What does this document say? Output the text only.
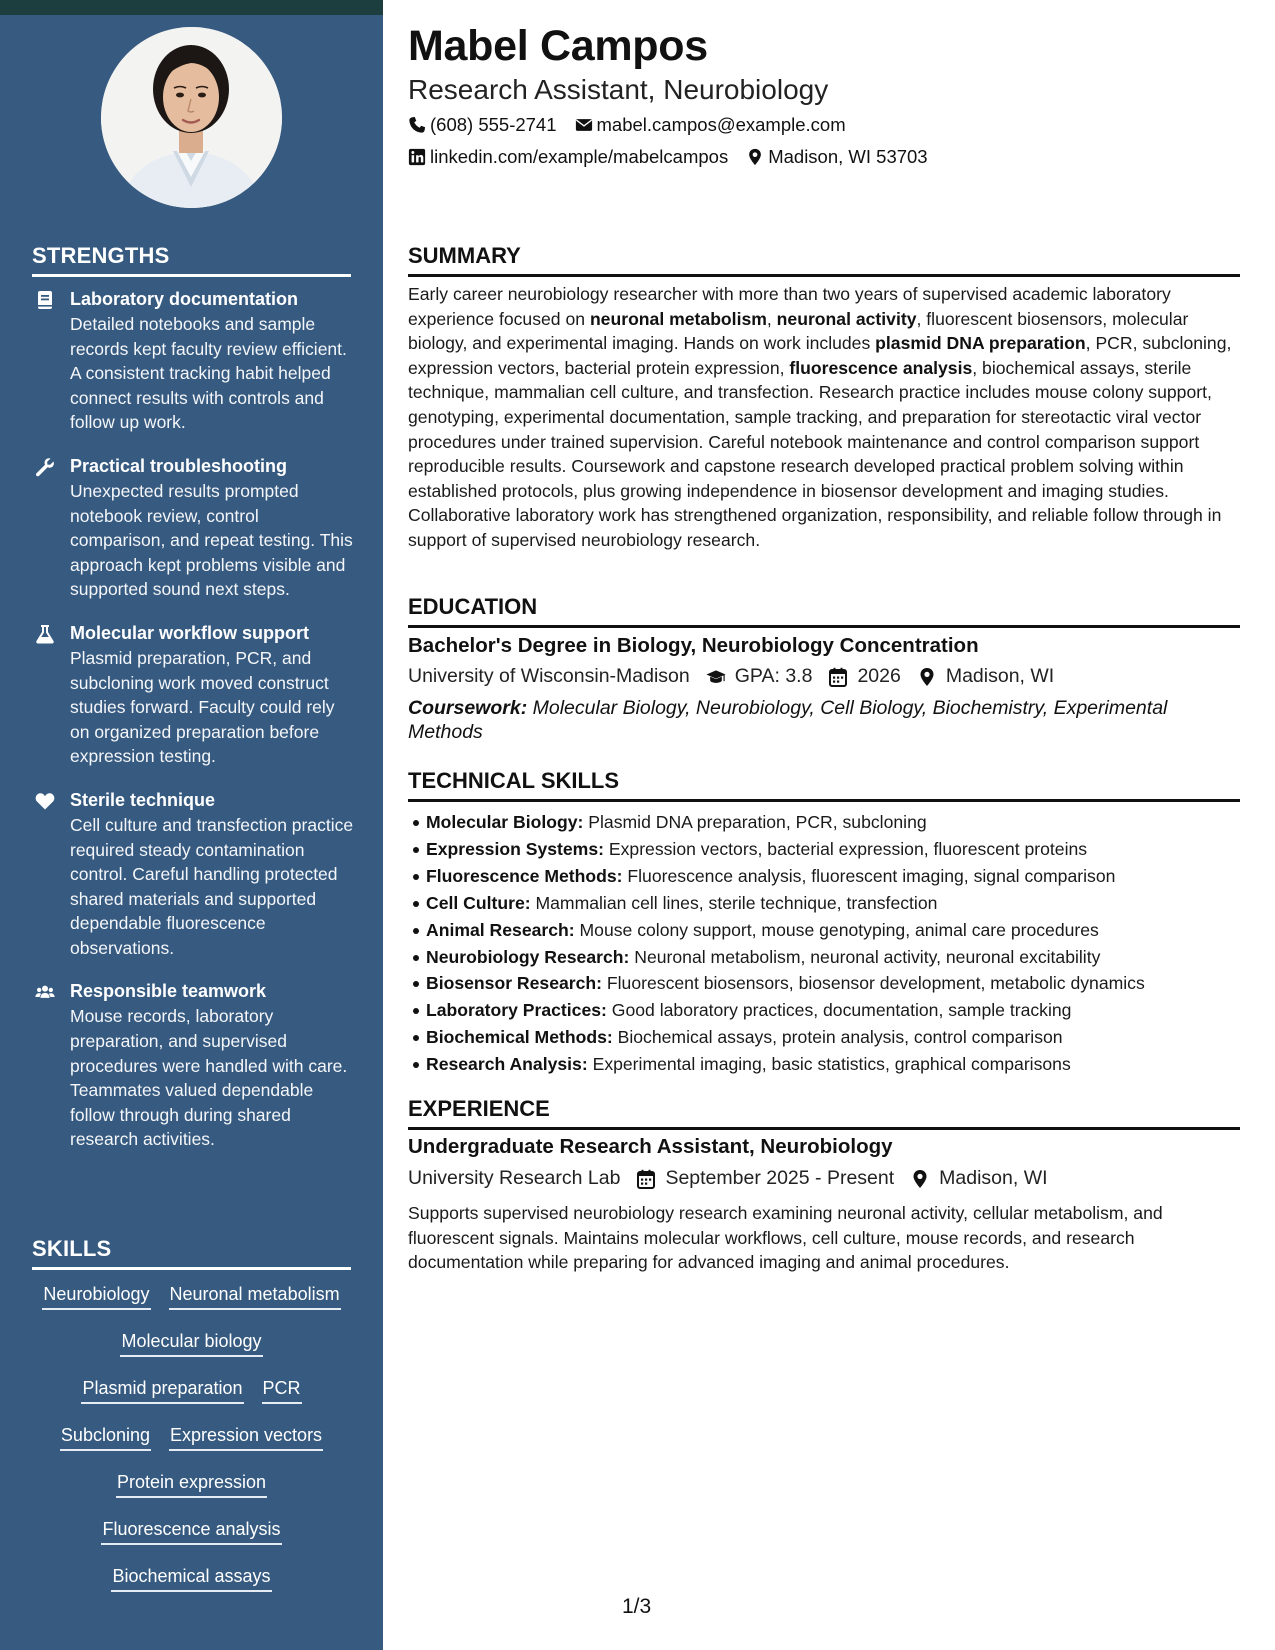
STRENGTHS
Laboratory documentation
Detailed notebooks and sample records kept faculty review efficient. A consistent tracking habit helped connect results with controls and follow up work.
Practical troubleshooting
Unexpected results prompted notebook review, control comparison, and repeat testing. This approach kept problems visible and supported sound next steps.
Molecular workflow support
Plasmid preparation, PCR, and subcloning work moved construct studies forward. Faculty could rely on organized preparation before expression testing.
Sterile technique
Cell culture and transfection practice required steady contamination control. Careful handling protected shared materials and supported dependable fluorescence observations.
Responsible teamwork
Mouse records, laboratory preparation, and supervised procedures were handled with care. Teammates valued dependable follow through during shared research activities.
SKILLS
Neurobiology Neuronal metabolism
Molecular biology
Plasmid preparation PCR
Subcloning Expression vectors
Protein expression
Fluorescence analysis
Biochemical assays
Mabel Campos
Research Assistant, Neurobiology
(608) 555-2741 mabel.campos@example.com
linkedin.com/example/mabelcampos Madison, WI 53703
SUMMARY
Early career neurobiology researcher with more than two years of supervised academic laboratory experience focused on neuronal metabolism, neuronal activity, fluorescent biosensors, molecular biology, and experimental imaging. Hands on work includes plasmid DNA preparation, PCR, subcloning, expression vectors, bacterial protein expression, fluorescence analysis, biochemical assays, sterile technique, mammalian cell culture, and transfection. Research practice includes mouse colony support, genotyping, experimental documentation, sample tracking, and preparation for stereotactic viral vector procedures under trained supervision. Careful notebook maintenance and control comparison support reproducible results. Coursework and capstone research developed practical problem solving within established protocols, plus growing independence in biosensor development and imaging studies. Collaborative laboratory work has strengthened organization, responsibility, and reliable follow through in support of supervised neurobiology research.
EDUCATION
Bachelor's Degree in Biology, Neurobiology Concentration
University of Wisconsin-Madison GPA: 3.8 2026 Madison, WI
Coursework: Molecular Biology, Neurobiology, Cell Biology, Biochemistry, Experimental Methods
TECHNICAL SKILLS
Molecular Biology: Plasmid DNA preparation, PCR, subcloning
Expression Systems: Expression vectors, bacterial expression, fluorescent proteins
Fluorescence Methods: Fluorescence analysis, fluorescent imaging, signal comparison
Cell Culture: Mammalian cell lines, sterile technique, transfection
Animal Research: Mouse colony support, mouse genotyping, animal care procedures
Neurobiology Research: Neuronal metabolism, neuronal activity, neuronal excitability
Biosensor Research: Fluorescent biosensors, biosensor development, metabolic dynamics
Laboratory Practices: Good laboratory practices, documentation, sample tracking
Biochemical Methods: Biochemical assays, protein analysis, control comparison
Research Analysis: Experimental imaging, basic statistics, graphical comparisons
EXPERIENCE
Undergraduate Research Assistant, Neurobiology
University Research Lab September 2025 - Present Madison, WI
Supports supervised neurobiology research examining neuronal activity, cellular metabolism, and fluorescent signals. Maintains molecular workflows, cell culture, mouse records, and research documentation while preparing for advanced imaging and animal procedures.
1/3
